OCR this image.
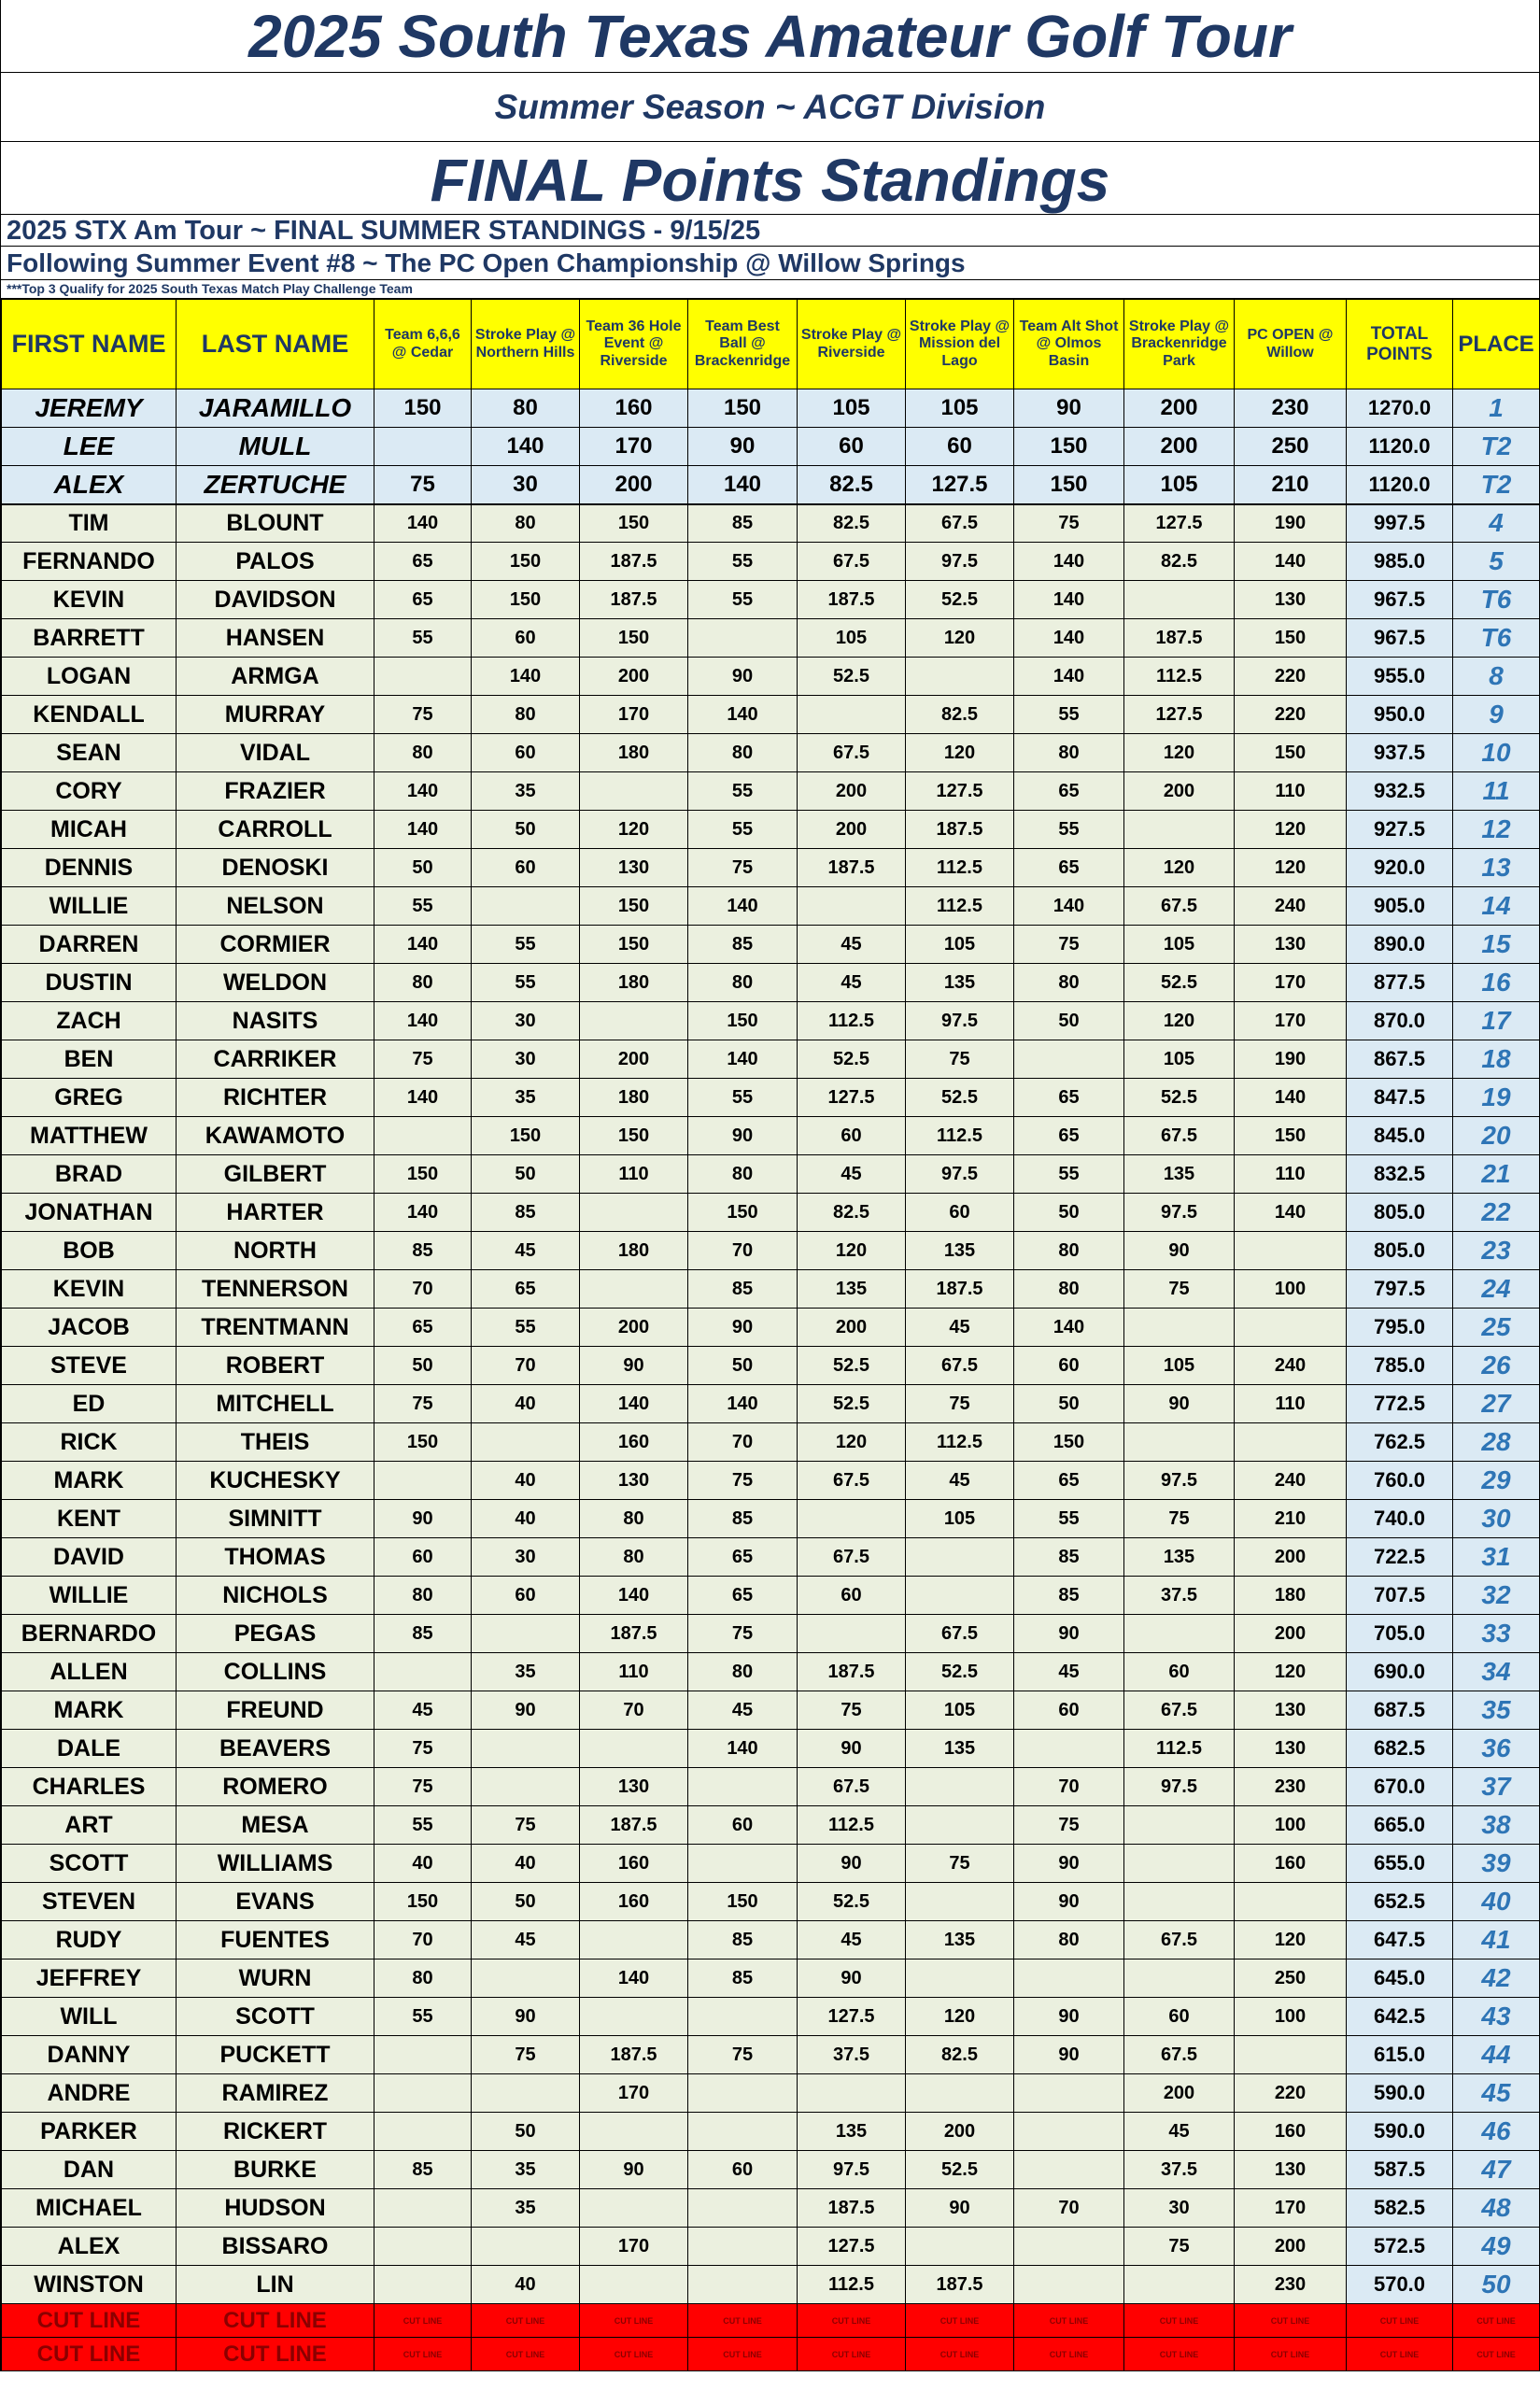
2025 South Texas Amateur Golf Tour
Summer Season ~ ACGT Division
FINAL Points Standings
2025 STX Am Tour ~ FINAL SUMMER STANDINGS - 9/15/25
Following Summer Event #8 ~ The PC Open Championship @ Willow Springs
***Top 3 Qualify for 2025 South Texas Match Play Challenge Team
FIRST NAME	LAST NAME	Team 6,6,6 @ Cedar	Stroke Play @ Northern Hills	Team 36 Hole Event @ Riverside	Team Best Ball @ Brackenridge	Stroke Play @ Riverside	Stroke Play @ Mission del Lago	Team Alt Shot @ Olmos Basin	Stroke Play @ Brackenridge Park	PC OPEN @ Willow	TOTAL POINTS	PLACE
JEREMY	JARAMILLO	150	80	160	150	105	105	90	200	230	1270.0	1
LEE	MULL		140	170	90	60	60	150	200	250	1120.0	T2
ALEX	ZERTUCHE	75	30	200	140	82.5	127.5	150	105	210	1120.0	T2
TIM	BLOUNT	140	80	150	85	82.5	67.5	75	127.5	190	997.5	4
FERNANDO	PALOS	65	150	187.5	55	67.5	97.5	140	82.5	140	985.0	5
KEVIN	DAVIDSON	65	150	187.5	55	187.5	52.5	140		130	967.5	T6
BARRETT	HANSEN	55	60	150		105	120	140	187.5	150	967.5	T6
LOGAN	ARMGA		140	200	90	52.5		140	112.5	220	955.0	8
KENDALL	MURRAY	75	80	170	140		82.5	55	127.5	220	950.0	9
SEAN	VIDAL	80	60	180	80	67.5	120	80	120	150	937.5	10
CORY	FRAZIER	140	35		55	200	127.5	65	200	110	932.5	11
MICAH	CARROLL	140	50	120	55	200	187.5	55		120	927.5	12
DENNIS	DENOSKI	50	60	130	75	187.5	112.5	65	120	120	920.0	13
WILLIE	NELSON	55		150	140		112.5	140	67.5	240	905.0	14
DARREN	CORMIER	140	55	150	85	45	105	75	105	130	890.0	15
DUSTIN	WELDON	80	55	180	80	45	135	80	52.5	170	877.5	16
ZACH	NASITS	140	30		150	112.5	97.5	50	120	170	870.0	17
BEN	CARRIKER	75	30	200	140	52.5	75		105	190	867.5	18
GREG	RICHTER	140	35	180	55	127.5	52.5	65	52.5	140	847.5	19
MATTHEW	KAWAMOTO		150	150	90	60	112.5	65	67.5	150	845.0	20
BRAD	GILBERT	150	50	110	80	45	97.5	55	135	110	832.5	21
JONATHAN	HARTER	140	85		150	82.5	60	50	97.5	140	805.0	22
BOB	NORTH	85	45	180	70	120	135	80	90		805.0	23
KEVIN	TENNERSON	70	65		85	135	187.5	80	75	100	797.5	24
JACOB	TRENTMANN	65	55	200	90	200	45	140			795.0	25
STEVE	ROBERT	50	70	90	50	52.5	67.5	60	105	240	785.0	26
ED	MITCHELL	75	40	140	140	52.5	75	50	90	110	772.5	27
RICK	THEIS	150		160	70	120	112.5	150			762.5	28
MARK	KUCHESKY		40	130	75	67.5	45	65	97.5	240	760.0	29
KENT	SIMNITT	90	40	80	85		105	55	75	210	740.0	30
DAVID	THOMAS	60	30	80	65	67.5		85	135	200	722.5	31
WILLIE	NICHOLS	80	60	140	65	60		85	37.5	180	707.5	32
BERNARDO	PEGAS	85		187.5	75		67.5	90		200	705.0	33
ALLEN	COLLINS		35	110	80	187.5	52.5	45	60	120	690.0	34
MARK	FREUND	45	90	70	45	75	105	60	67.5	130	687.5	35
DALE	BEAVERS	75			140	90	135		112.5	130	682.5	36
CHARLES	ROMERO	75		130		67.5		70	97.5	230	670.0	37
ART	MESA	55	75	187.5	60	112.5		75		100	665.0	38
SCOTT	WILLIAMS	40	40	160		90	75	90		160	655.0	39
STEVEN	EVANS	150	50	160	150	52.5		90			652.5	40
RUDY	FUENTES	70	45		85	45	135	80	67.5	120	647.5	41
JEFFREY	WURN	80		140	85	90				250	645.0	42
WILL	SCOTT	55	90			127.5	120	90	60	100	642.5	43
DANNY	PUCKETT		75	187.5	75	37.5	82.5	90	67.5		615.0	44
ANDRE	RAMIREZ			170					200	220	590.0	45
PARKER	RICKERT		50			135	200		45	160	590.0	46
DAN	BURKE	85	35	90	60	97.5	52.5		37.5	130	587.5	47
MICHAEL	HUDSON		35			187.5	90	70	30	170	582.5	48
ALEX	BISSARO			170		127.5			75	200	572.5	49
WINSTON	LIN		40			112.5	187.5			230	570.0	50
CUT LINE	CUT LINE	CUT LINE	CUT LINE	CUT LINE	CUT LINE	CUT LINE	CUT LINE	CUT LINE	CUT LINE	CUT LINE	CUT LINE	CUT LINE
CUT LINE	CUT LINE	CUT LINE	CUT LINE	CUT LINE	CUT LINE	CUT LINE	CUT LINE	CUT LINE	CUT LINE	CUT LINE	CUT LINE	CUT LINE
